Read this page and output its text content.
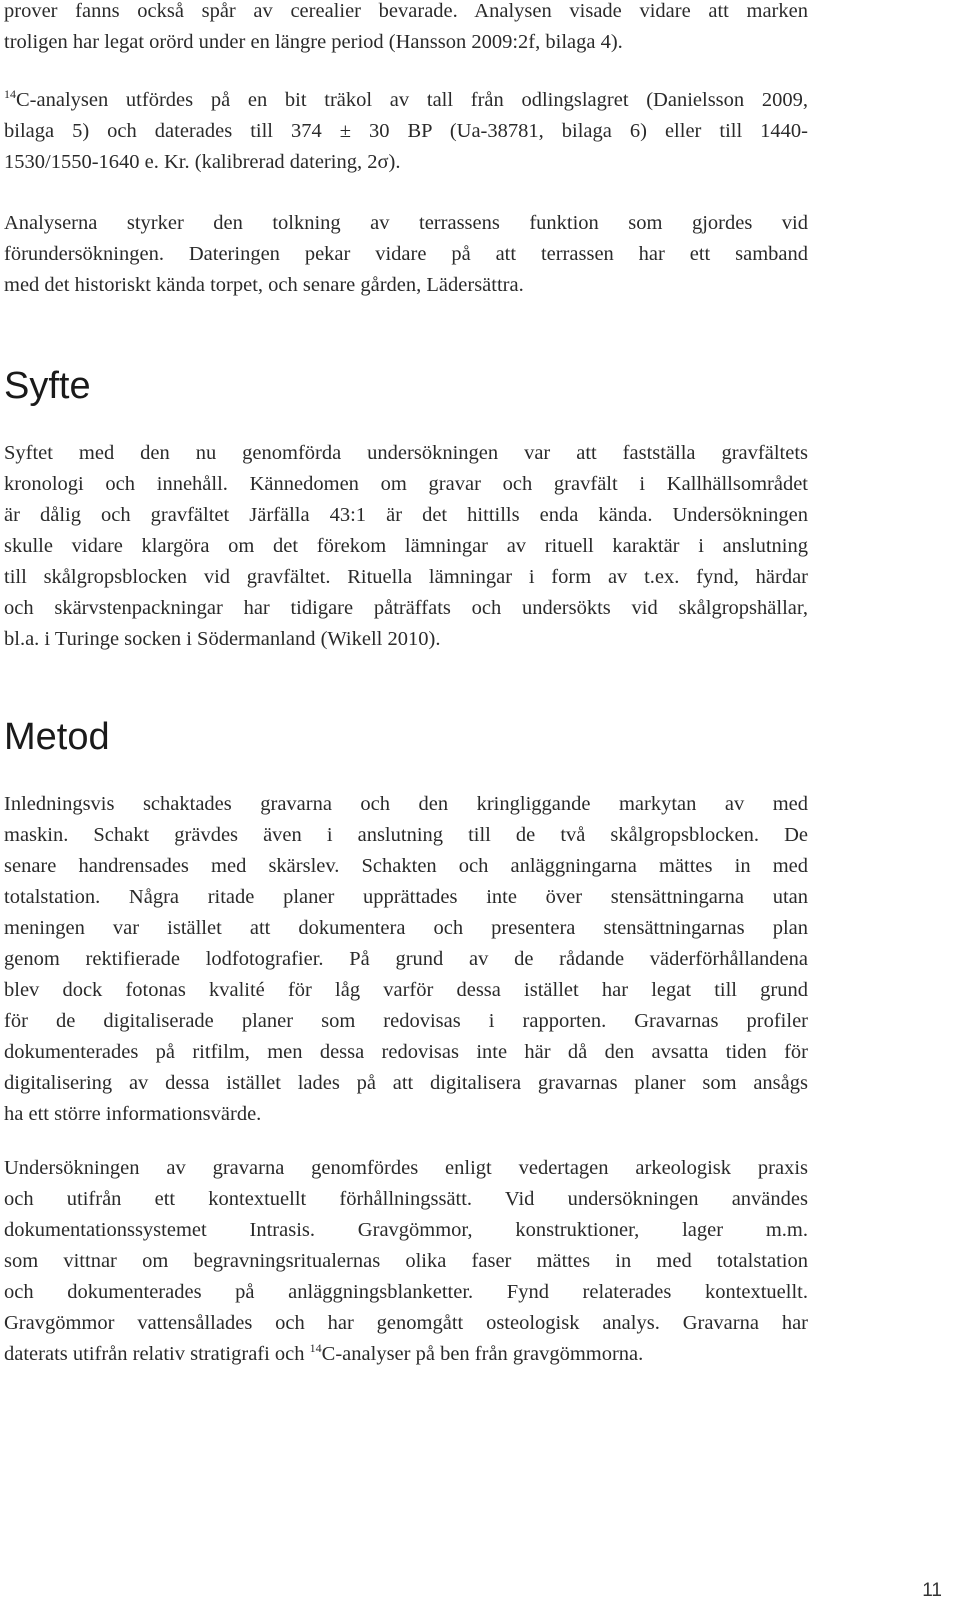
prover fanns också spår av cerealier bevarade. Analysen visade vidare att marken
troligen har legat orörd under en längre period (Hansson 2009:2f, bilaga 4).

$^{14}$C-analysen utfördes på en bit träkol av tall från odlingslagret (Danielsson 2009,
bilaga 5) och daterades till 374 ± 30 BP (Ua-38781, bilaga 6) eller till 1440-
1530/1550-1640 e. Kr. (kalibrerad datering, 2σ).

Analyserna styrker den tolkning av terrassens funktion som gjordes vid
förundersökningen. Dateringen pekar vidare på att terrassen har ett samband
med det historiskt kända torpet, och senare gården, Lädersättra.

Syfte

Syftet med den nu genomförda undersökningen var att fastställa gravfältets
kronologi och innehåll. Kännedomen om gravar och gravfält i Kallhällsområdet
är dålig och gravfältet Järfälla 43:1 är det hittills enda kända. Undersökningen
skulle vidare klargöra om det förekom lämningar av rituell karaktär i anslutning
till skålgropsblocken vid gravfältet. Rituella lämningar i form av t.ex. fynd, härdar
och skärvstenpackningar har tidigare påträffats och undersökts vid skålgropshällar,
bl.a. i Turinge socken i Södermanland (Wikell 2010).

Metod

Inledningsvis schaktades gravarna och den kringliggande markytan av med
maskin. Schakt grävdes även i anslutning till de två skålgropsblocken. De
senare handrensades med skärslev. Schakten och anläggningarna mättes in med
totalstation. Några ritade planer upprättades inte över stensättningarna utan
meningen var istället att dokumentera och presentera stensättningarnas plan
genom rektifierade lodfotografier. På grund av de rådande väderförhållandena
blev dock fotonas kvalité för låg varför dessa istället har legat till grund
för de digitaliserade planer som redovisas i rapporten. Gravarnas profiler
dokumenterades på ritfilm, men dessa redovisas inte här då den avsatta tiden för
digitalisering av dessa istället lades på att digitalisera gravarnas planer som ansågs
ha ett större informationsvärde.

Undersökningen av gravarna genomfördes enligt vedertagen arkeologisk praxis
och utifrån ett kontextuellt förhållningssätt. Vid undersökningen användes
dokumentationssystemet Intrasis. Gravgömmor, konstruktioner, lager m.m.
som vittnar om begravningsritualernas olika faser mättes in med totalstation
och dokumenterades på anläggningsblanketter. Fynd relaterades kontextuellt.
Gravgömmor vattensållades och har genomgått osteologisk analys. Gravarna har
daterats utifrån relativ stratigrafi och $^{14}$C-analyser på ben från gravgömmorna.

11
